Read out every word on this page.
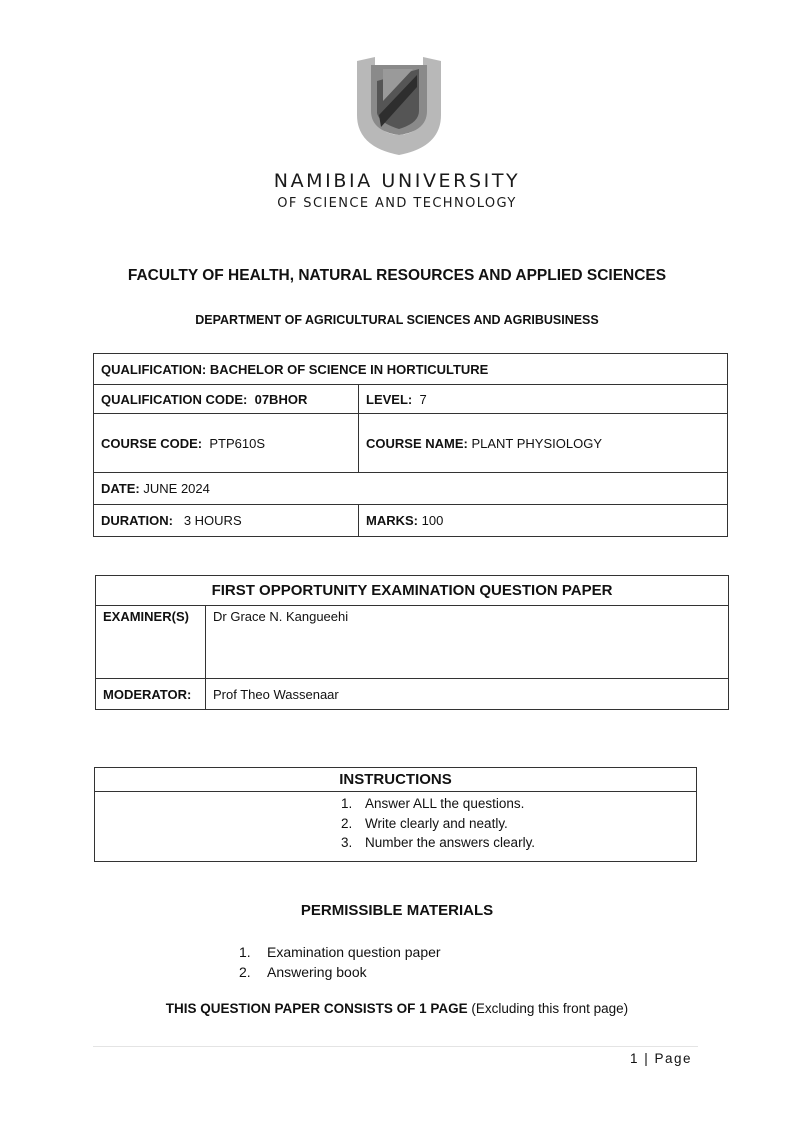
NAMIBIA UNIVERSITY
OF SCIENCE AND TECHNOLOGY
FACULTY OF HEALTH, NATURAL RESOURCES AND APPLIED SCIENCES
DEPARTMENT OF AGRICULTURAL SCIENCES AND AGRIBUSINESS
QUALIFICATION: BACHELOR OF SCIENCE IN HORTICULTURE	
QUALIFICATION CODE: 07BHOR	LEVEL: 7
COURSE CODE: PTP610S	COURSE NAME: PLANT PHYSIOLOGY
DATE: JUNE 2024	
DURATION: 3 HOURS	MARKS: 100
FIRST OPPORTUNITY EXAMINATION QUESTION PAPER	
EXAMINER(S)	Dr Grace N. Kangueehi
MODERATOR:	Prof Theo Wassenaar
INSTRUCTIONS

1. Answer ALL the questions.
2. Write clearly and neatly.
3. Number the answers clearly.
PERMISSIBLE MATERIALS
1. Examination question paper
2. Answering book
THIS QUESTION PAPER CONSISTS OF 1 PAGE (Excluding this front page)
1 | Page
